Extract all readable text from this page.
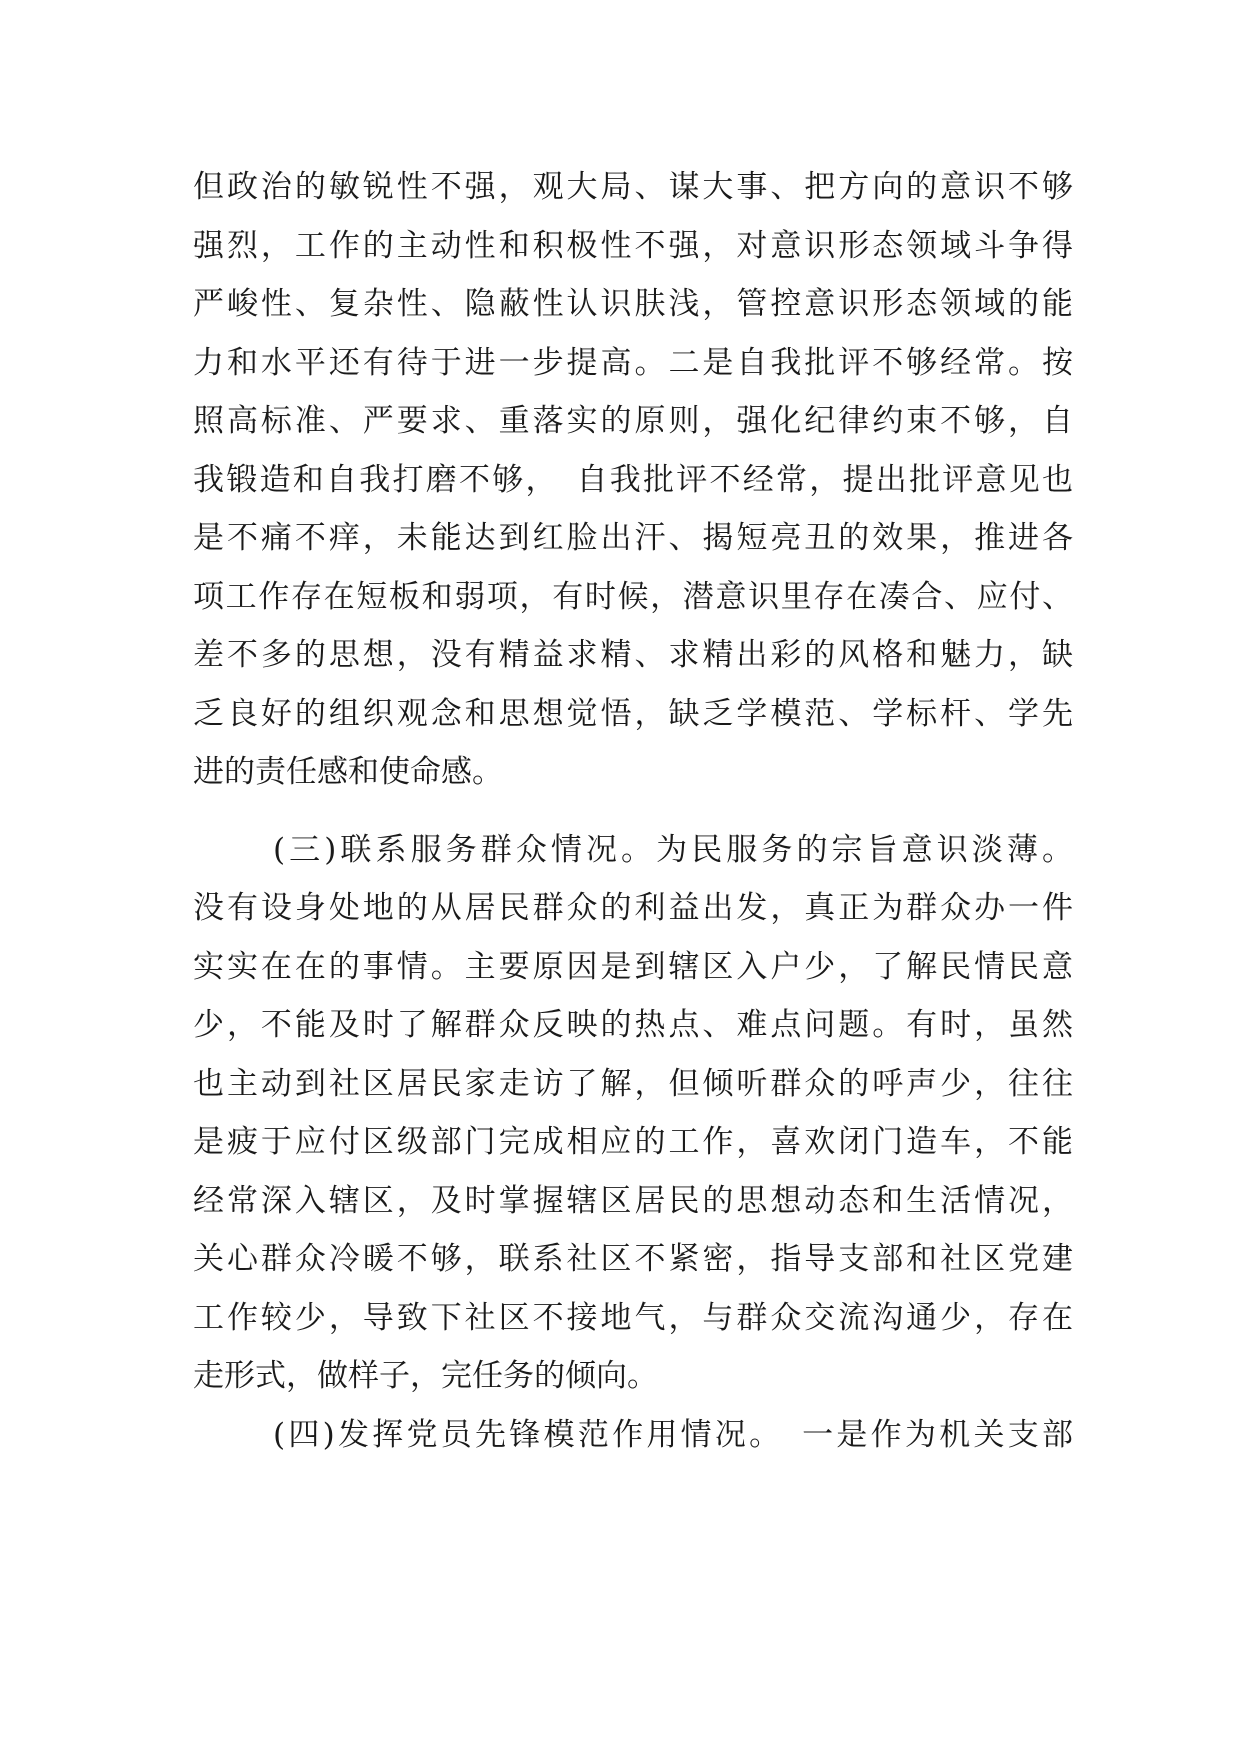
但政治的敏锐性不强，观大局、谋大事、把方向的意识不够
强烈，工作的主动性和积极性不强，对意识形态领域斗争得
严峻性、复杂性、隐蔽性认识肤浅，管控意识形态领域的能
力和水平还有待于进一步提高。二是自我批评不够经常。按
照高标准、严要求、重落实的原则，强化纪律约束不够，自
我锻造和自我打磨不够，　自我批评不经常，提出批评意见也
是不痛不痒，未能达到红脸出汗、揭短亮丑的效果，推进各
项工作存在短板和弱项，有时候，潜意识里存在凑合、应付、
差不多的思想，没有精益求精、求精出彩的风格和魅力，缺
乏良好的组织观念和思想觉悟，缺乏学模范、学标杆、学先
进的责任感和使命感。
(三)联系服务群众情况。为民服务的宗旨意识淡薄。
没有设身处地的从居民群众的利益出发，真正为群众办一件
实实在在的事情。主要原因是到辖区入户少，了解民情民意
少，不能及时了解群众反映的热点、难点问题。有时，虽然
也主动到社区居民家走访了解，但倾听群众的呼声少，往往
是疲于应付区级部门完成相应的工作，喜欢闭门造车，不能
经常深入辖区，及时掌握辖区居民的思想动态和生活情况，
关心群众冷暖不够，联系社区不紧密，指导支部和社区党建
工作较少，导致下社区不接地气，与群众交流沟通少，存在
走形式，做样子，完任务的倾向。
(四)发挥党员先锋模范作用情况。　一是作为机关支部
